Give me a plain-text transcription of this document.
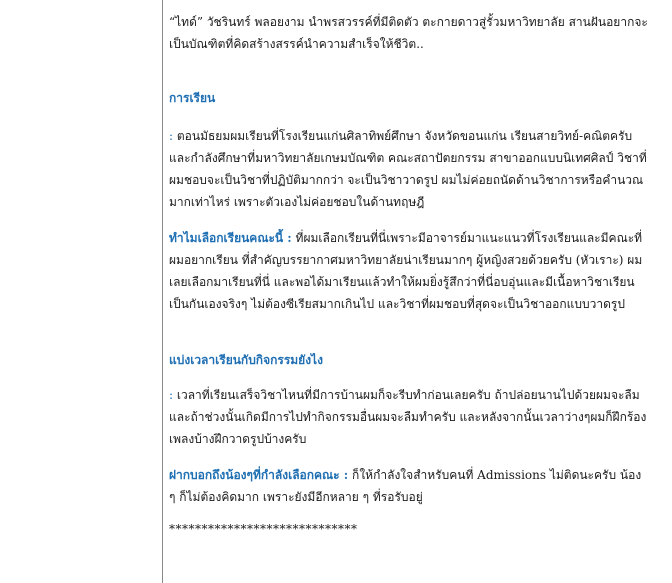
“ไทด์” วัชรินทร์ พลอยงาม นำพรสวรรค์ที่มีติดตัว ตะกายดาวสู่รั้วมหาวิทยาลัย สานฝันอยากจะเป็นบัณฑิตที่คิดสร้างสรรค์นำความสำเร็จให้ชีวิต..

การเรียน

: ตอนมัธยมผมเรียนที่โรงเรียนแก่นศิลาทิพย์ศึกษา จังหวัดขอนแก่น เรียนสายวิทย์-คณิตครับ และกำลังศึกษาที่มหาวิทยาลัยเกษมบัณฑิต คณะสถาปัตยกรรม สาขาออกแบบนิเทศศิลป์ วิชาที่ผมชอบจะเป็นวิชาที่ปฏิบัติมากกว่า จะเป็นวิชาวาดรูป ผมไม่ค่อยถนัดด้านวิชาการหรือคำนวณมากเท่าไหร่ เพราะตัวเองไม่ค่อยชอบในด้านทฤษฎี

ทำไมเลือกเรียนคณะนี้ : ที่ผมเลือกเรียนที่นี่เพราะมีอาจารย์มาแนะแนวที่โรงเรียนและมีคณะที่ผมอยากเรียน ที่สำคัญบรรยากาศมหาวิทยาลัยน่าเรียนมากๆ ผู้หญิงสวยด้วยครับ (หัวเราะ) ผมเลยเลือกมาเรียนที่นี่ และพอได้มาเรียนแล้วทำให้ผมยิ่งรู้สึกว่าที่นี่อบอุ่นและมีเนื้อหาวิชาเรียนเป็นกันเองจริงๆ ไม่ต้องซีเรียสมากเกินไป และวิชาที่ผมชอบที่สุดจะเป็นวิชาออกแบบวาดรูป

แบ่งเวลาเรียนกับกิจกรรมยังไง

: เวลาที่เรียนเสร็จวิชาไหนที่มีการบ้านผมก็จะรีบทำก่อนเลยครับ ถ้าปล่อยนานไปด้วยผมจะลืม และถ้าช่วงนั้นเกิดมีการไปทำกิจกรรมอื่นผมจะลืมทำครับ และหลังจากนั้นเวลาว่างๆผมก็ฝึกร้องเพลงบ้างฝึกวาดรูปบ้างครับ

ฝากบอกถึงน้องๆที่กำลังเลือกคณะ : ก็ให้กำลังใจสำหรับคนที่ Admissions ไม่ติดนะครับ น้อง ๆ ก็ไม่ต้องคิดมาก เพราะยังมีอีกหลาย ๆ ที่รอรับอยู่

*****************************
